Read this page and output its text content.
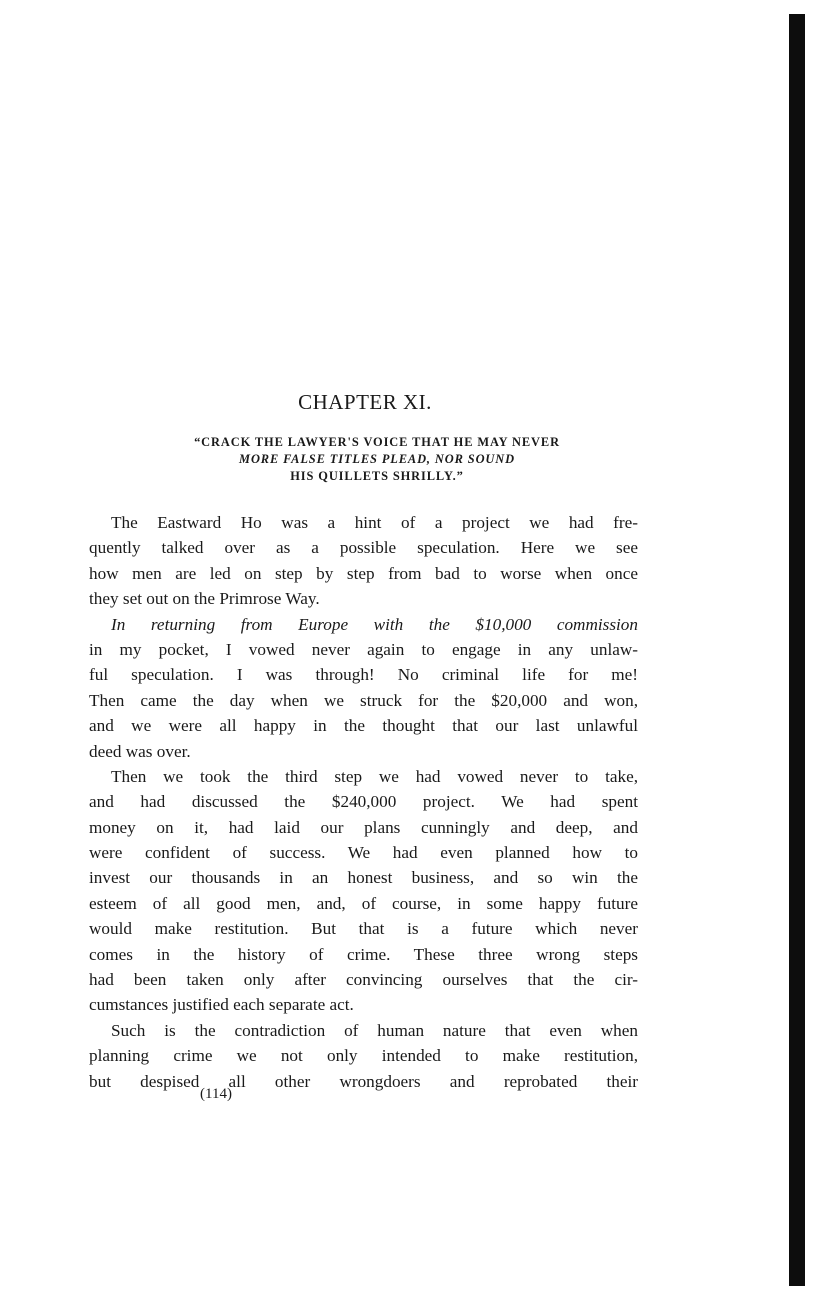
CHAPTER XI.
“CRACK THE LAWYER'S VOICE THAT HE MAY NEVER
MORE FALSE TITLES PLEAD, NOR SOUND
HIS QUILLETS SHRILLY.”
The Eastward Ho was a hint of a project we had fre-
quently talked over as a possible speculation. Here we see
how men are led on step by step from bad to worse when once
they set out on the Primrose Way.
In returning from Europe with the $10,000 commission
in my pocket, I vowed never again to engage in any unlaw-
ful speculation. I was through! No criminal life for me!
Then came the day when we struck for the $20,000 and won,
and we were all happy in the thought that our last unlawful
deed was over.
Then we took the third step we had vowed never to take,
and had discussed the $240,000 project. We had spent
money on it, had laid our plans cunningly and deep, and
were confident of success. We had even planned how to
invest our thousands in an honest business, and so win the
esteem of all good men, and, of course, in some happy future
would make restitution. But that is a future which never
comes in the history of crime. These three wrong steps
had been taken only after convincing ourselves that the cir-
cumstances justified each separate act.
Such is the contradiction of human nature that even when
planning crime we not only intended to make restitution,
but despised all other wrongdoers and reprobated their
(114)
